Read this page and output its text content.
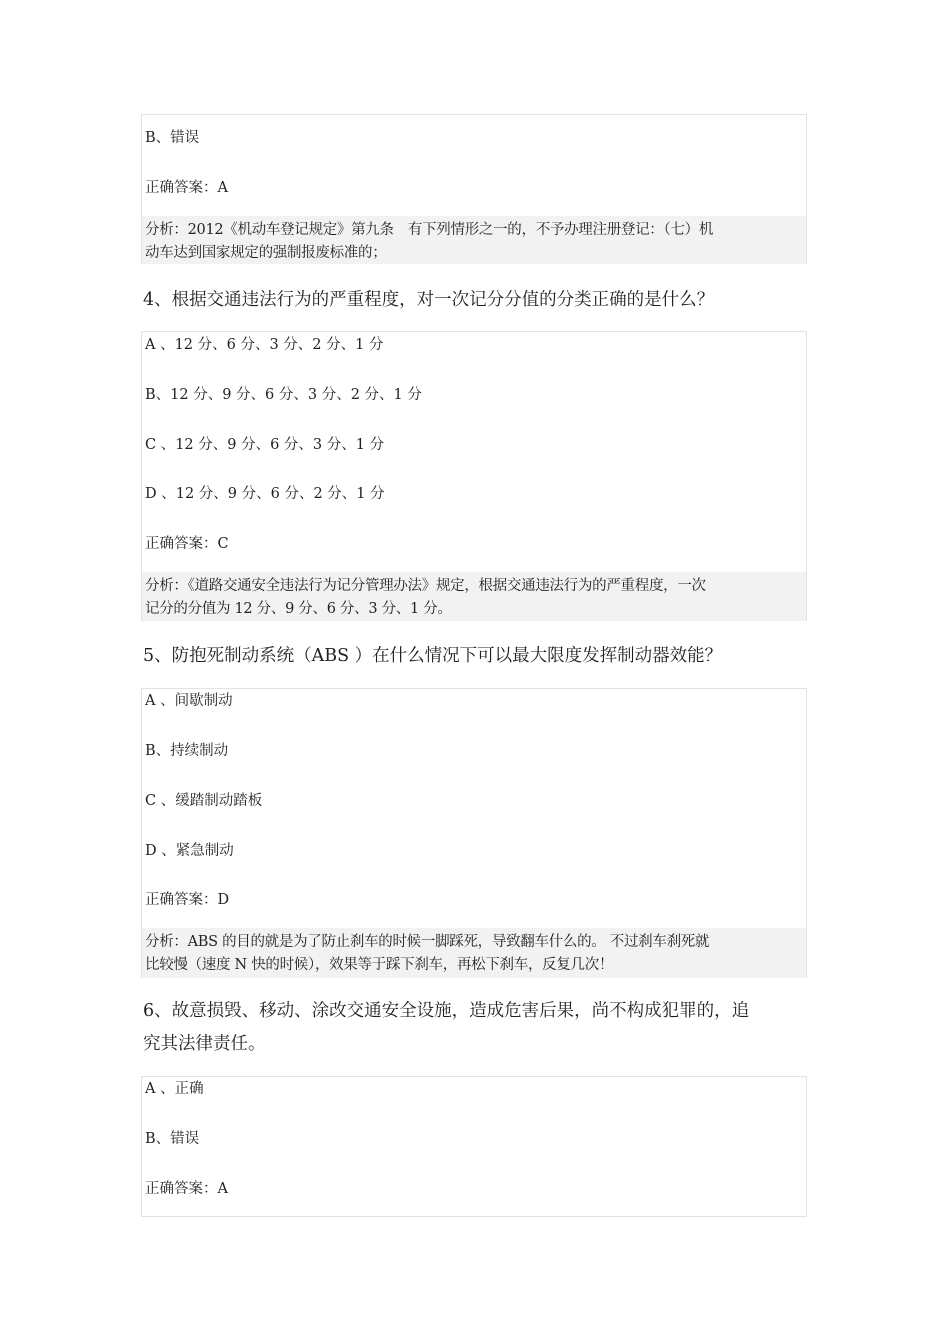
B、错误
正确答案：A
分析：2012《机动车登记规定》第九条　有下列情形之一的，不予办理注册登记：（七）机
动车达到国家规定的强制报废标准的；
4、根据交通违法行为的严重程度，对一次记分分值的分类正确的是什么？
A 、12 分、6 分、3 分、2 分、1 分
B、12 分、9 分、6 分、3 分、2 分、1 分
C 、12 分、9 分、6 分、3 分、1 分
D 、12 分、9 分、6 分、2 分、1 分
正确答案：C
分析：《道路交通安全违法行为记分管理办法》规定，根据交通违法行为的严重程度，一次
记分的分值为 12 分、9 分、6 分、3 分、1 分。
5、防抱死制动系统（ABS ）在什么情况下可以最大限度发挥制动器效能？
A 、间歇制动
B、持续制动
C 、缓踏制动踏板
D 、紧急制动
正确答案：D
分析：ABS 的目的就是为了防止刹车的时候一脚踩死，导致翻车什么的。 不过刹车刹死就
比较慢（速度 N 快的时候），效果等于踩下刹车，再松下刹车，反复几次！
6、故意损毁、移动、涂改交通安全设施，造成危害后果，尚不构成犯罪的，追
究其法律责任。
A 、正确
B、错误
正确答案：A
